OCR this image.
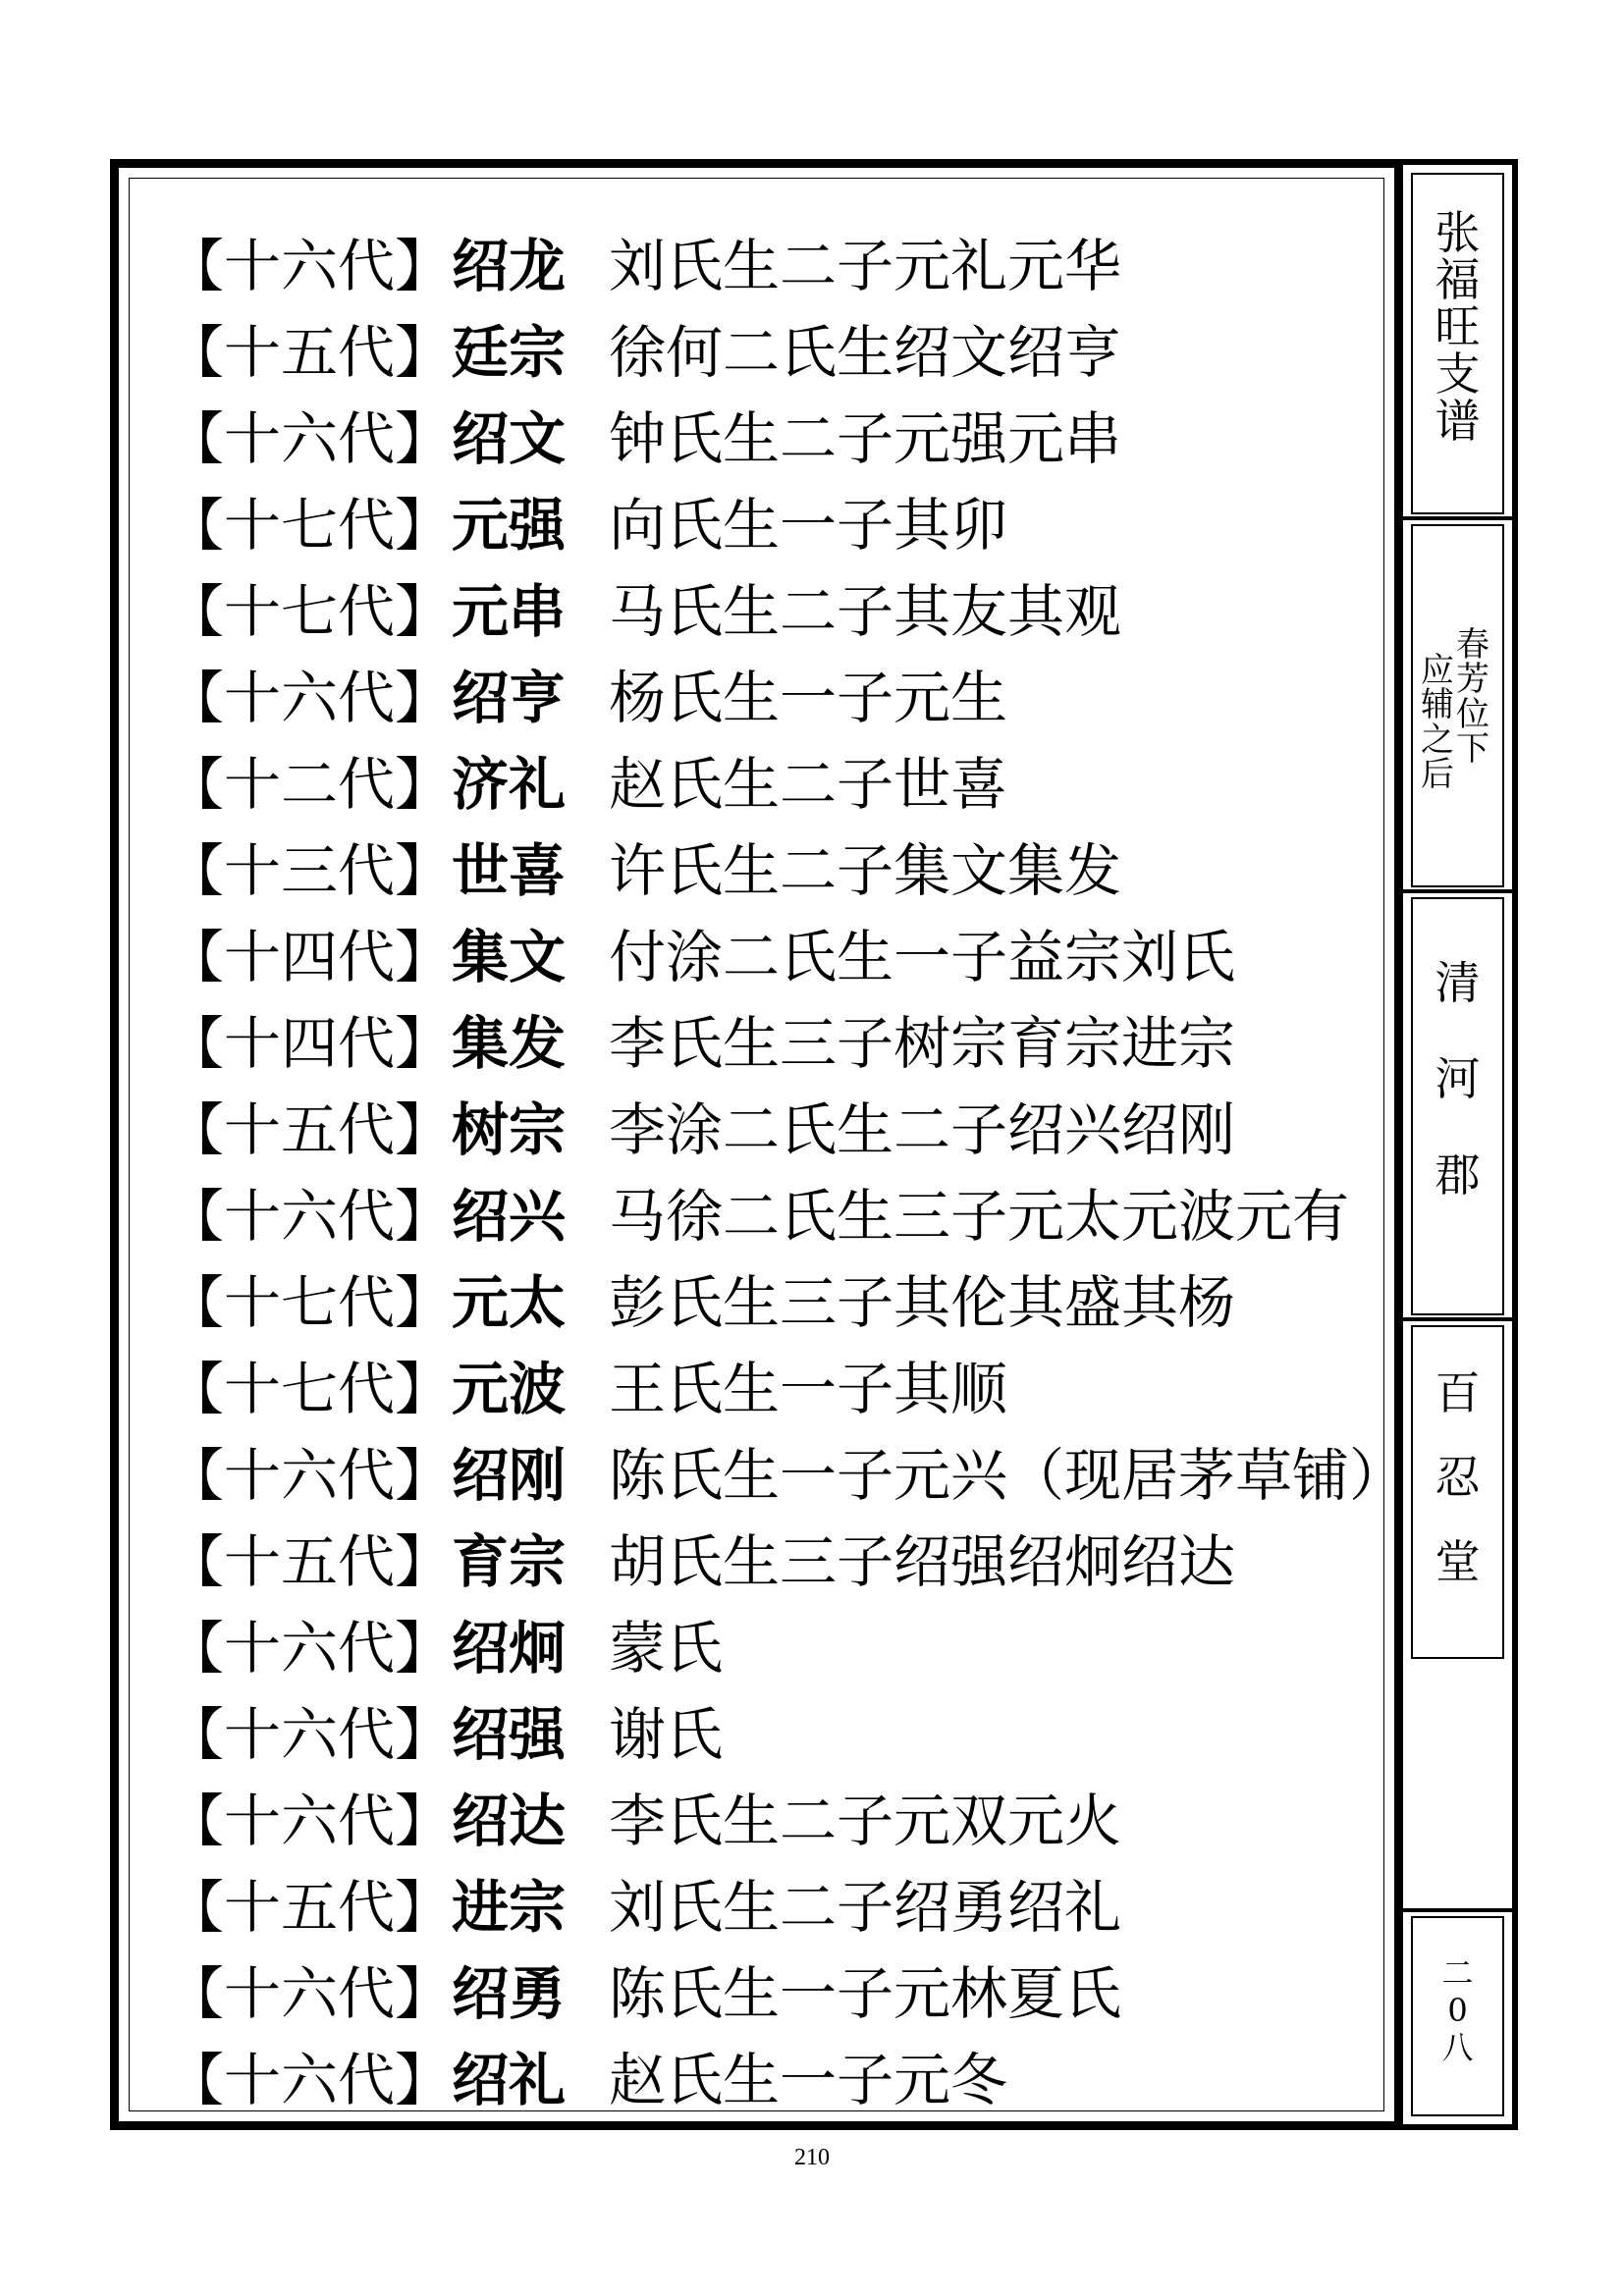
【十六代】 绍龙 刘氏生二子元礼元华
【十五代】 廷宗 徐何二氏生绍文绍亨
【十六代】 绍文 钟氏生二子元强元串
【十七代】 元强 向氏生一子其卯
【十七代】 元串 马氏生二子其友其观
【十六代】 绍亨 杨氏生一子元生
【十二代】 济礼 赵氏生二子世喜
【十三代】 世喜 许氏生二子集文集发
【十四代】 集文 付涂二氏生一子益宗刘氏
【十四代】 集发 李氏生三子树宗育宗进宗
【十五代】 树宗 李涂二氏生二子绍兴绍刚
【十六代】 绍兴 马徐二氏生三子元太元波元有
【十七代】 元太 彭氏生三子其伦其盛其杨
【十七代】 元波 王氏生一子其顺
【十六代】 绍刚 陈氏生一子元兴（现居茅草铺）
【十五代】 育宗 胡氏生三子绍强绍炯绍达
【十六代】 绍炯 蒙氏
【十六代】 绍强 谢氏
【十六代】 绍达 李氏生二子元双元火
【十五代】 进宗 刘氏生二子绍勇绍礼
【十六代】 绍勇 陈氏生一子元林夏氏
【十六代】 绍礼 赵氏生一子元冬
张
福
旺
支
谱
应
辅
之
后
春
芳
位
下
清
河
郡
百
忍
堂
二
0
八
210
